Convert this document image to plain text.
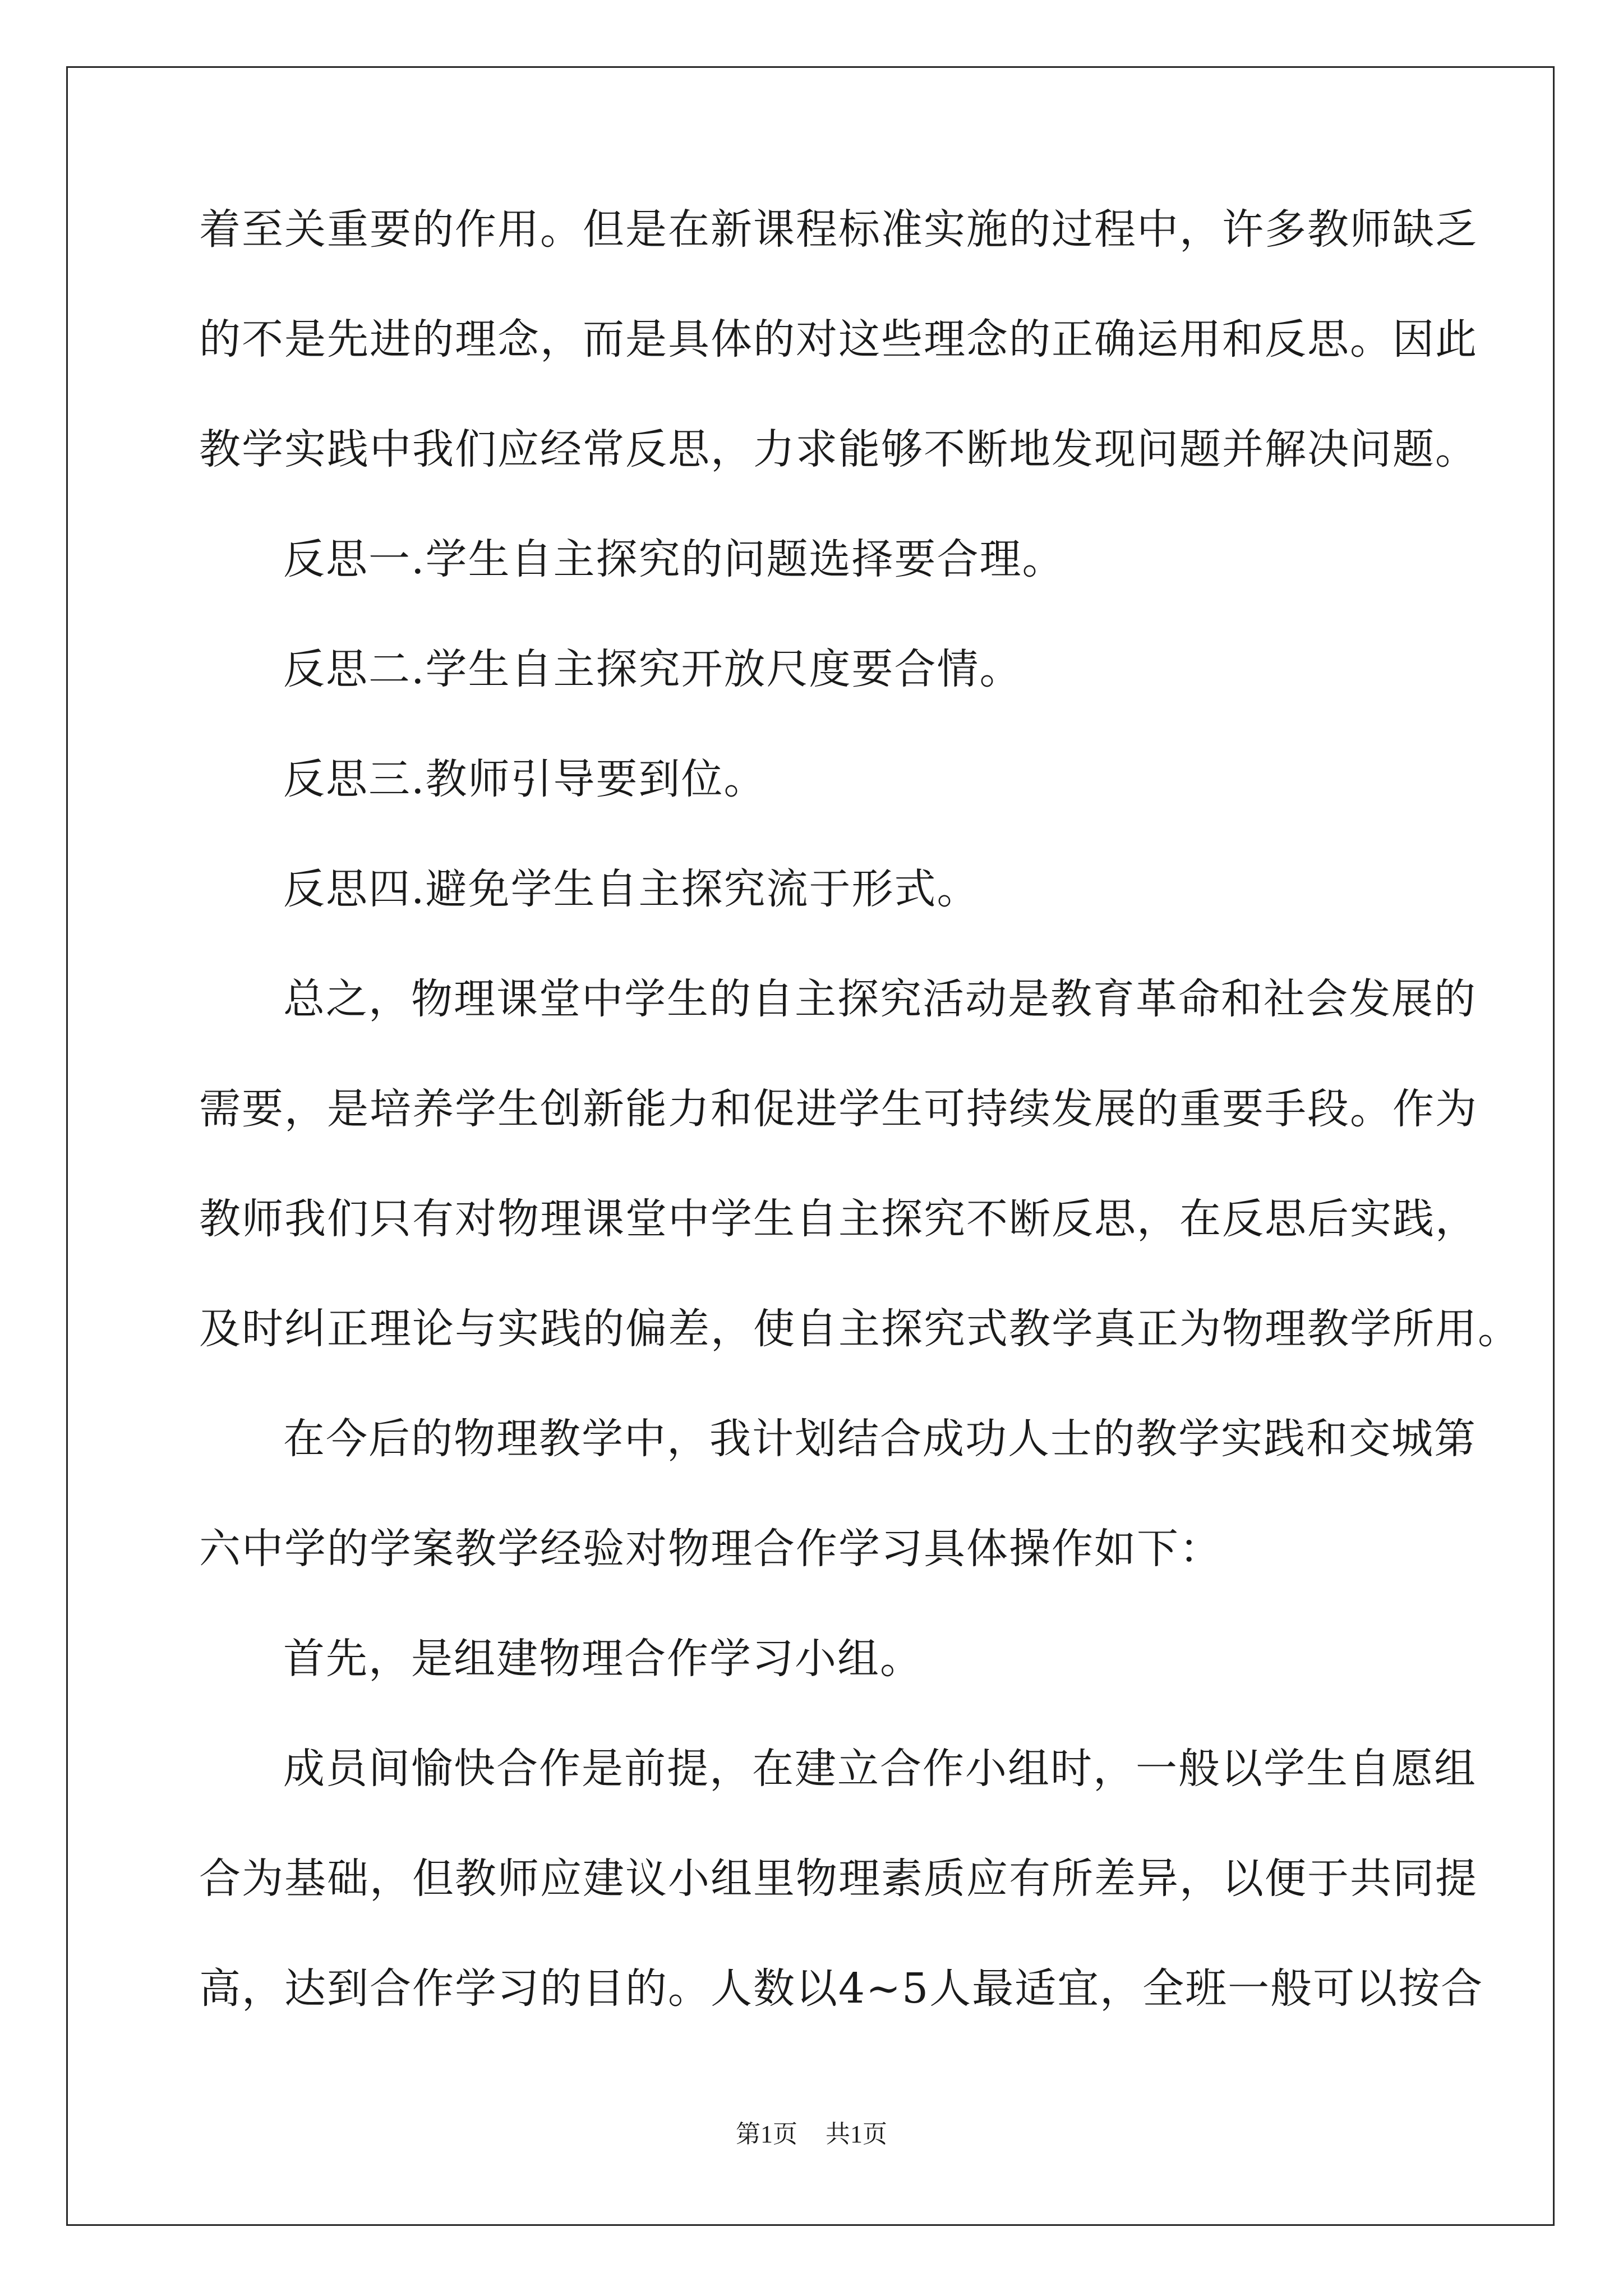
着至关重要的作用。但是在新课程标准实施的过程中，许多教师缺乏
的不是先进的理念，而是具体的对这些理念的正确运用和反思。因此
教学实践中我们应经常反思，力求能够不断地发现问题并解决问题。
反思一.学生自主探究的问题选择要合理。
反思二.学生自主探究开放尺度要合情。
反思三.教师引导要到位。
反思四.避免学生自主探究流于形式。
总之，物理课堂中学生的自主探究活动是教育革命和社会发展的
需要，是培养学生创新能力和促进学生可持续发展的重要手段。作为
教师我们只有对物理课堂中学生自主探究不断反思，在反思后实践，
及时纠正理论与实践的偏差，使自主探究式教学真正为物理教学所用。
在今后的物理教学中，我计划结合成功人士的教学实践和交城第
六中学的学案教学经验对物理合作学习具体操作如下：
首先，是组建物理合作学习小组。
成员间愉快合作是前提，在建立合作小组时，一般以学生自愿组
合为基础，但教师应建议小组里物理素质应有所差异，以便于共同提
高，达到合作学习的目的。人数以4~5人最适宜，全班一般可以按合
第1页 共1页
